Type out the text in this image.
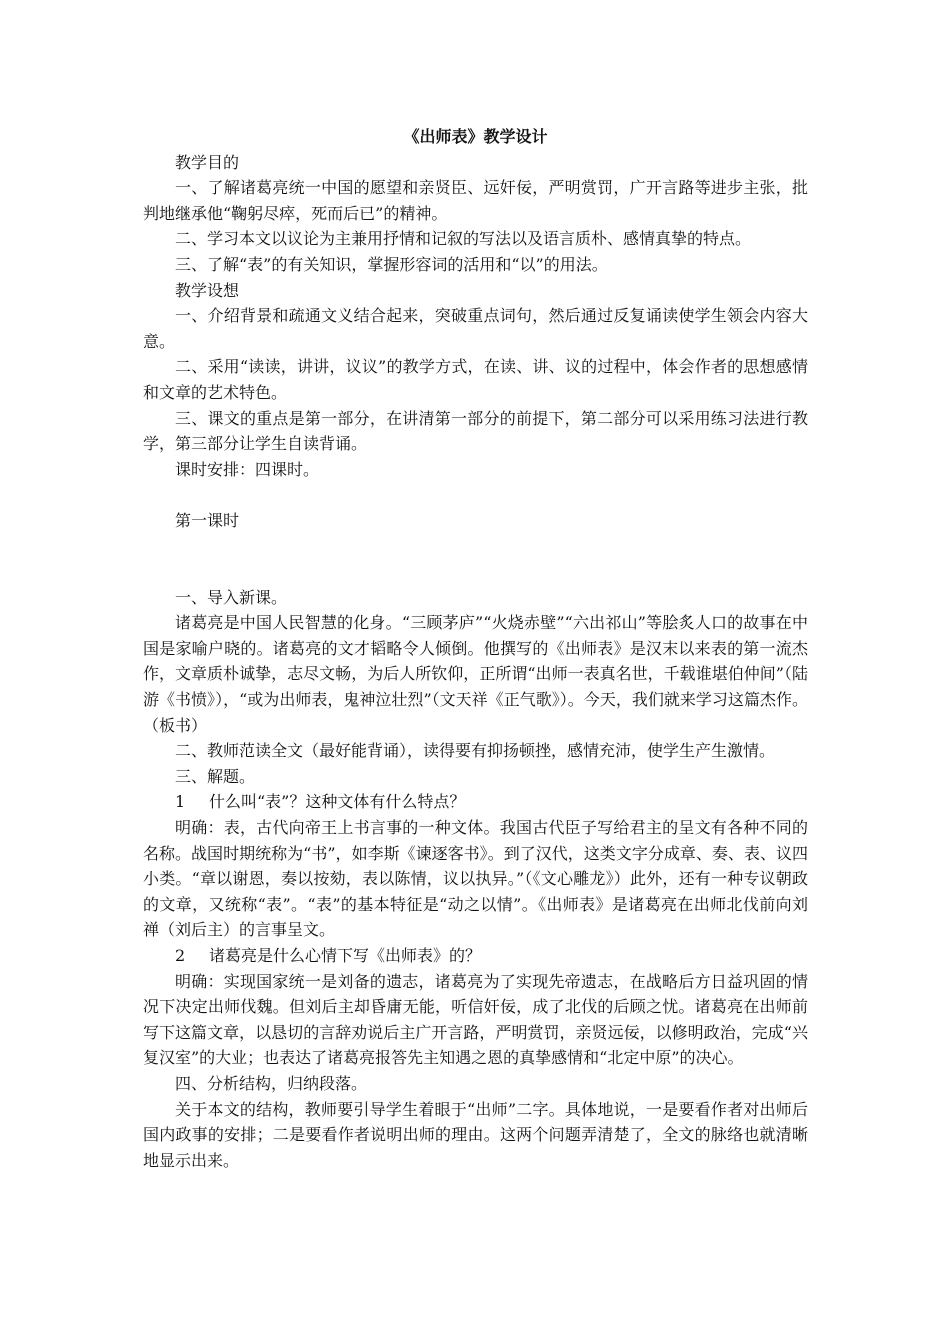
《出师表》教学设计

教学目的

一、了解诸葛亮统一中国的愿望和亲贤臣、远奸佞，严明赏罚，广开言路等进步主张，批判地继承他“鞠躬尽瘁，死而后已”的精神。

二、学习本文以议论为主兼用抒情和记叙的写法以及语言质朴、感情真挚的特点。

三、了解“表”的有关知识，掌握形容词的活用和“以”的用法。

教学设想

一、介绍背景和疏通文义结合起来，突破重点词句，然后通过反复诵读使学生领会内容大意。

二、采用“读读，讲讲，议议”的教学方式，在读、讲、议的过程中，体会作者的思想感情和文章的艺术特色。

三、课文的重点是第一部分，在讲清第一部分的前提下，第二部分可以采用练习法进行教学，第三部分让学生自读背诵。

课时安排：四课时。

第一课时

一、导入新课。

诸葛亮是中国人民智慧的化身。“三顾茅庐”“火烧赤壁”“六出祁山”等脍炙人口的故事在中国是家喻户晓的。诸葛亮的文才韬略令人倾倒。他撰写的《出师表》是汉末以来表的第一流杰作，文章质朴诚挚，志尽文畅，为后人所钦仰，正所谓“出师一表真名世，千载谁堪伯仲间”（陆游《书愤》），“或为出师表，鬼神泣壮烈”（文天祥《正气歌》）。今天，我们就来学习这篇杰作。（板书）

二、教师范读全文（最好能背诵），读得要有抑扬顿挫，感情充沛，使学生产生激情。

三、解题。

1 什么叫“表”？这种文体有什么特点？

明确：表，古代向帝王上书言事的一种文体。我国古代臣子写给君主的呈文有各种不同的名称。战国时期统称为“书”，如李斯《谏逐客书》。到了汉代，这类文字分成章、奏、表、议四小类。“章以谢恩，奏以按劾，表以陈情，议以执异。”（《文心雕龙》）此外，还有一种专议朝政的文章，又统称“表”。“表”的基本特征是“动之以情”。《出师表》是诸葛亮在出师北伐前向刘禅（刘后主）的言事呈文。

2 诸葛亮是什么心情下写《出师表》的？

明确：实现国家统一是刘备的遗志，诸葛亮为了实现先帝遗志，在战略后方日益巩固的情况下决定出师伐魏。但刘后主却昏庸无能，听信奸佞，成了北伐的后顾之忧。诸葛亮在出师前写下这篇文章，以恳切的言辞劝说后主广开言路，严明赏罚，亲贤远佞，以修明政治，完成“兴复汉室”的大业；也表达了诸葛亮报答先主知遇之恩的真挚感情和“北定中原”的决心。

四、分析结构，归纳段落。

关于本文的结构，教师要引导学生着眼于“出师”二字。具体地说，一是要看作者对出师后国内政事的安排；二是要看作者说明出师的理由。这两个问题弄清楚了，全文的脉络也就清晰地显示出来。
